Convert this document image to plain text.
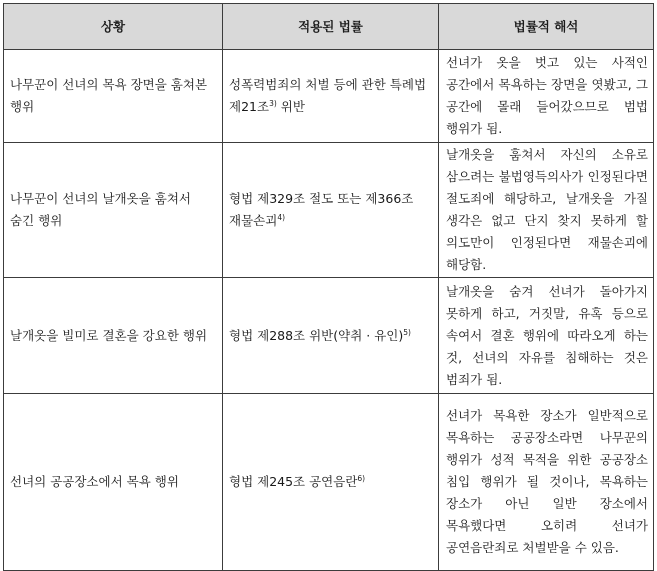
상황	적용된 법률	법률적 해석
나무꾼이 선녀의 목욕 장면을 훔쳐본 행위	성폭력범죄의 처벌 등에 관한 특례법 제21조$^{3)}$ 위반	선녀가 옷을 벗고 있는 사적인 공간에서 목욕하는 장면을 엿봤고, 그 공간에 몰래 들어갔으므로 범법 행위가 됨.
나무꾼이 선녀의 날개옷을 훔쳐서 숨긴 행위	형법 제329조 절도 또는 제366조 재물손괴$^{4)}$	날개옷을 훔쳐서 자신의 소유로 삼으려는 불법영득의사가 인정된다면 절도죄에 해당하고, 날개옷을 가질 생각은 없고 단지 찾지 못하게 할 의도만이 인정된다면 재물손괴에 해당함.
날개옷을 빌미로 결혼을 강요한 행위	형법 제288조 위반(약취 · 유인)$^{5)}$	날개옷을 숨겨 선녀가 돌아가지 못하게 하고, 거짓말, 유혹 등으로 속여서 결혼 행위에 따라오게 하는 것, 선녀의 자유를 침해하는 것은 범죄가 됨.
선녀의 공공장소에서 목욕 행위	형법 제245조 공연음란$^{6)}$	선녀가 목욕한 장소가 일반적으로 목욕하는 공공장소라면 나무꾼의 행위가 성적 목적을 위한 공공장소 침입 행위가 될 것이나, 목욕하는 장소가 아닌 일반 장소에서 목욕했다면 오히려 선녀가 공연음란죄로 처벌받을 수 있음.
